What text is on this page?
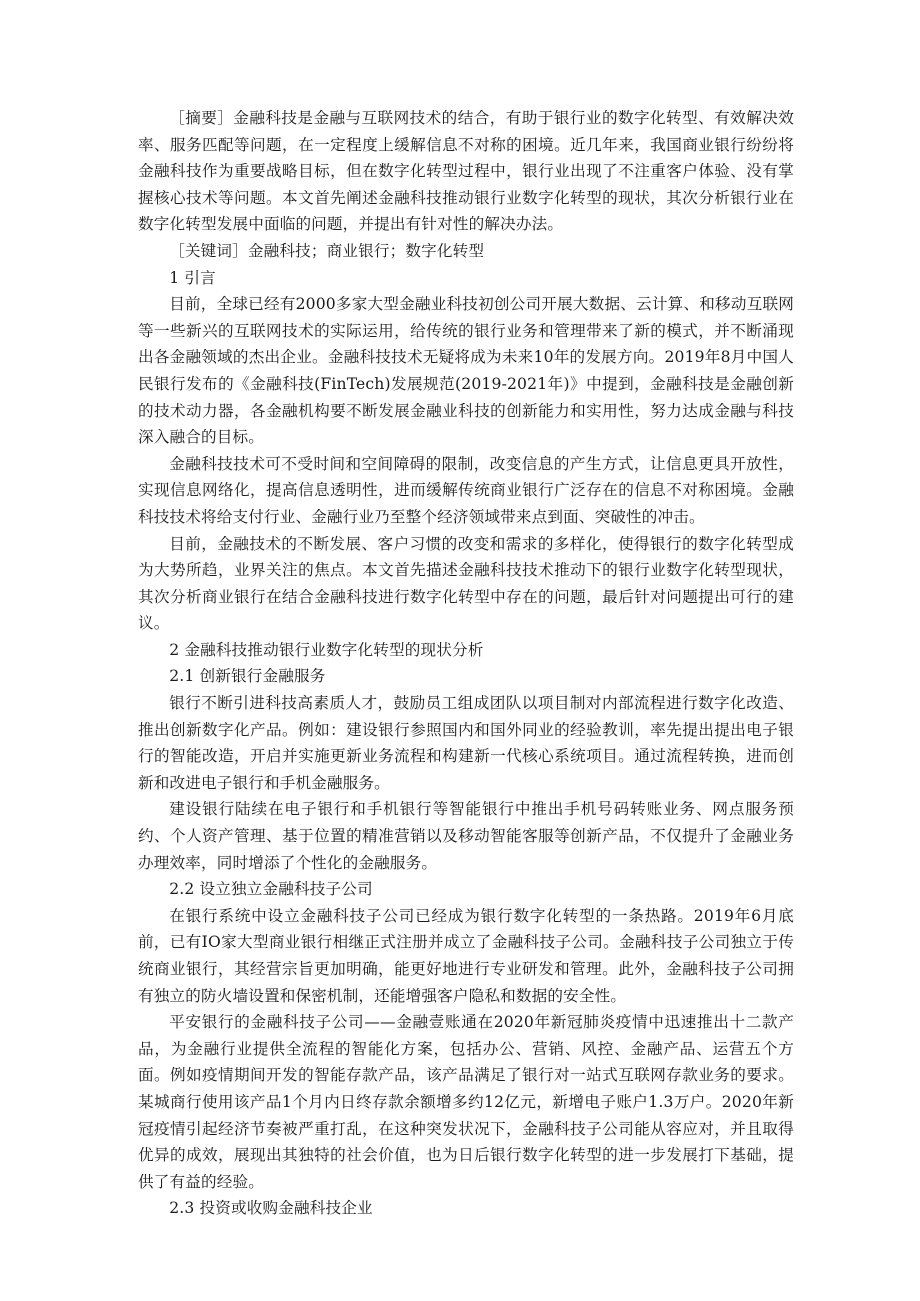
［摘要］金融科技是金融与互联网技术的结合，有助于银行业的数字化转型、有效解决效率、服务匹配等问题，在一定程度上缓解信息不对称的困境。近几年来，我国商业银行纷纷将金融科技作为重要战略目标，但在数字化转型过程中，银行业出现了不注重客户体验、没有掌握核心技术等问题。本文首先阐述金融科技推动银行业数字化转型的现状，其次分析银行业在数字化转型发展中面临的问题，并提出有针对性的解决办法。

［关键词］金融科技；商业银行；数字化转型

1 引言

目前，全球已经有2000多家大型金融业科技初创公司开展大数据、云计算、和移动互联网等一些新兴的互联网技术的实际运用，给传统的银行业务和管理带来了新的模式，并不断涌现出各金融领域的杰出企业。金融科技技术无疑将成为未来10年的发展方向。2019年8月中国人民银行发布的《金融科技(FinTech)发展规范(2019-2021年)》中提到，金融科技是金融创新的技术动力器，各金融机构要不断发展金融业科技的创新能力和实用性，努力达成金融与科技深入融合的目标。

金融科技技术可不受时间和空间障碍的限制，改变信息的产生方式，让信息更具开放性，实现信息网络化，提高信息透明性，进而缓解传统商业银行广泛存在的信息不对称困境。金融科技技术将给支付行业、金融行业乃至整个经济领域带来点到面、突破性的冲击。

目前，金融技术的不断发展、客户习惯的改变和需求的多样化，使得银行的数字化转型成为大势所趋，业界关注的焦点。本文首先描述金融科技技术推动下的银行业数字化转型现状，其次分析商业银行在结合金融科技进行数字化转型中存在的问题，最后针对问题提出可行的建议。

2 金融科技推动银行业数字化转型的现状分析

2.1 创新银行金融服务

银行不断引进科技高素质人才，鼓励员工组成团队以项目制对内部流程进行数字化改造、推出创新数字化产品。例如：建设银行参照国内和国外同业的经验教训，率先提出提出电子银行的智能改造，开启并实施更新业务流程和构建新一代核心系统项目。通过流程转换，进而创新和改进电子银行和手机金融服务。

建设银行陆续在电子银行和手机银行等智能银行中推出手机号码转账业务、网点服务预约、个人资产管理、基于位置的精准营销以及移动智能客服等创新产品，不仅提升了金融业务办理效率，同时增添了个性化的金融服务。

2.2 设立独立金融科技子公司

在银行系统中设立金融科技子公司已经成为银行数字化转型的一条热路。2019年6月底前，已有IO家大型商业银行相继正式注册并成立了金融科技子公司。金融科技子公司独立于传统商业银行，其经营宗旨更加明确，能更好地进行专业研发和管理。此外，金融科技子公司拥有独立的防火墙设置和保密机制，还能增强客户隐私和数据的安全性。

平安银行的金融科技子公司——金融壹账通在2020年新冠肺炎疫情中迅速推出十二款产品，为金融行业提供全流程的智能化方案，包括办公、营销、风控、金融产品、运营五个方面。例如疫情期间开发的智能存款产品，该产品满足了银行对一站式互联网存款业务的要求。某城商行使用该产品1个月内日终存款余额增多约12亿元，新增电子账户1.3万户。2020年新冠疫情引起经济节奏被严重打乱，在这种突发状况下，金融科技子公司能从容应对，并且取得优异的成效，展现出其独特的社会价值，也为日后银行数字化转型的进一步发展打下基础，提供了有益的经验。

2.3 投资或收购金融科技企业
